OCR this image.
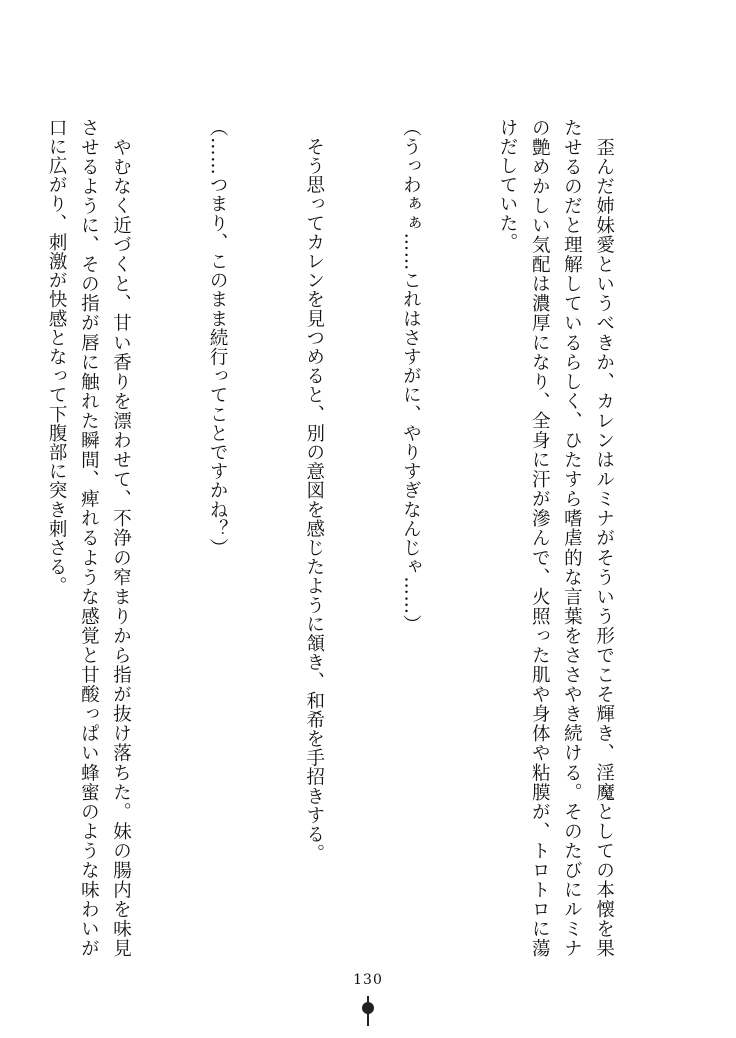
　歪んだ姉妹愛というべきか、カレンはルミナがそういう形でこそ輝き、淫魔としての本懐を果たせるのだと理解しているらしく、ひたすら嗜虐的な言葉をささやき続ける。そのたびにルミナの艶めかしい気配は濃厚になり、全身に汗が滲んで、火照った肌や身体や粘膜が、トロトロに蕩けだしていた。

（うっわぁぁ……これはさすがに、やりすぎなんじゃ……）

　そう思ってカレンを見つめると、別の意図を感じたように頷き、和希を手招きする。

（……つまり、このまま続行ってことですかね？）

　やむなく近づくと、甘い香りを漂わせて、不浄の窄まりから指が抜け落ちた。妹の腸内を味見させるように、その指が唇に触れた瞬間、痺れるような感覚と甘酸っぱい蜂蜜のような味わいが口に広がり、刺激が快感となって下腹部に突き刺さる。

130
